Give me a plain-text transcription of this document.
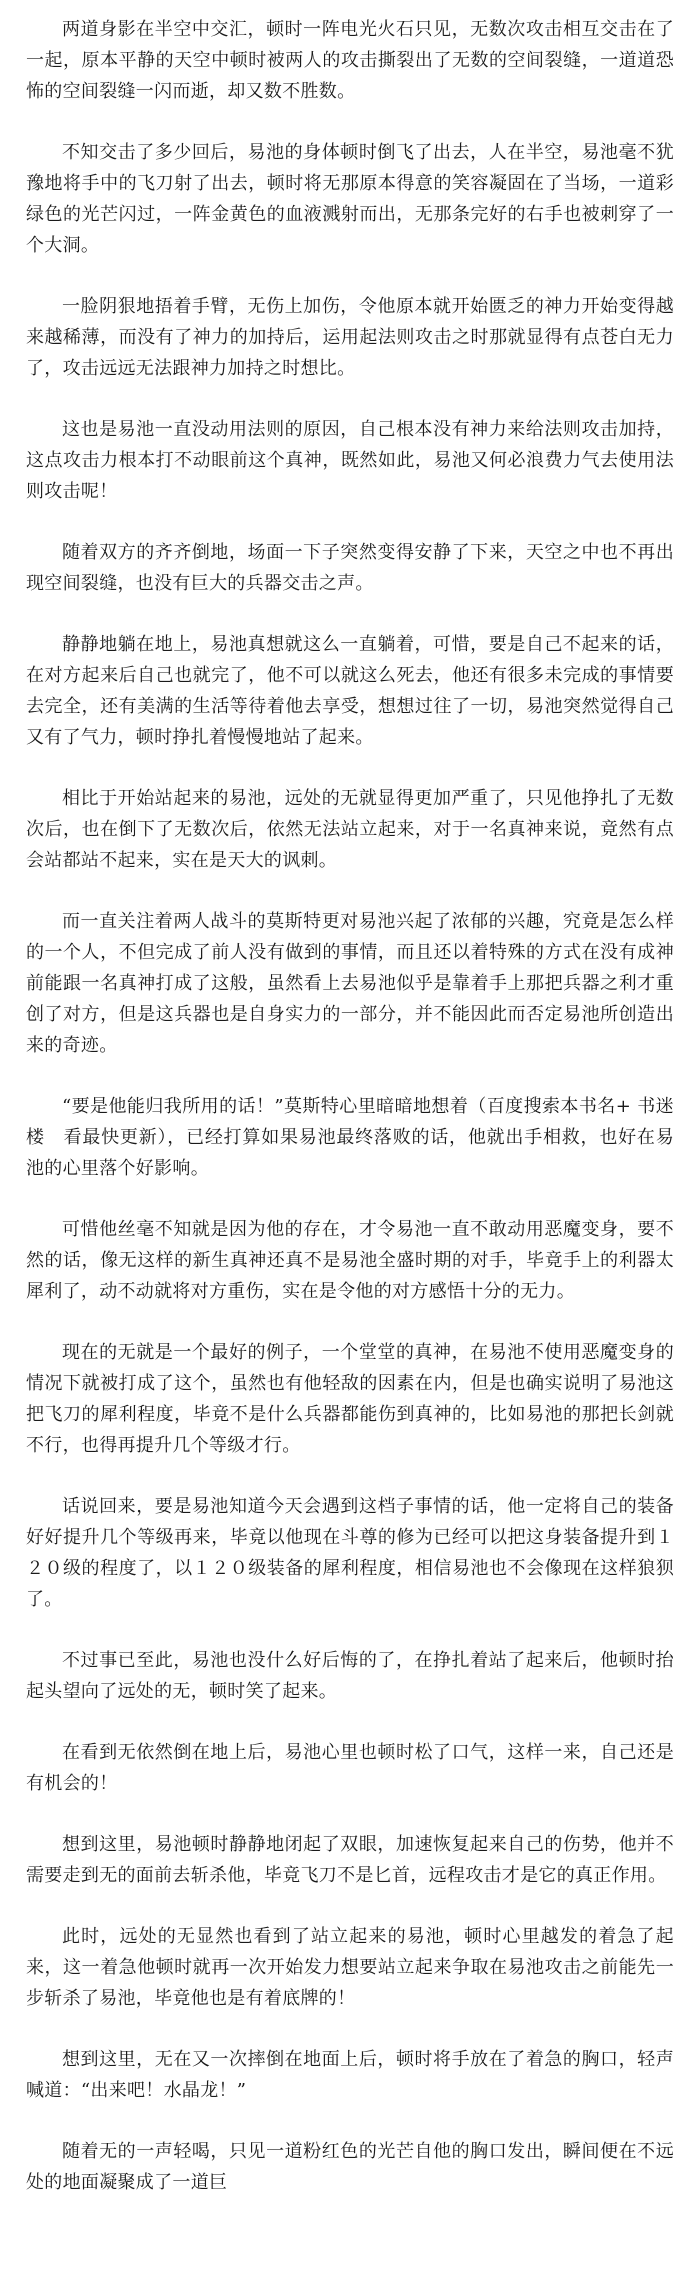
两道身影在半空中交汇，顿时一阵电光火石只见，无数次攻击相互交击在了一起，原本平静的天空中顿时被两人的攻击撕裂出了无数的空间裂缝，一道道恐怖的空间裂缝一闪而逝，却又数不胜数。

不知交击了多少回后，易池的身体顿时倒飞了出去，人在半空，易池毫不犹豫地将手中的飞刀射了出去，顿时将无那原本得意的笑容凝固在了当场，一道彩绿色的光芒闪过，一阵金黄色的血液溅射而出，无那条完好的右手也被刺穿了一个大洞。

一脸阴狠地捂着手臂，无伤上加伤，令他原本就开始匮乏的神力开始变得越来越稀薄，而没有了神力的加持后，运用起法则攻击之时那就显得有点苍白无力了，攻击远远无法跟神力加持之时想比。

这也是易池一直没动用法则的原因，自己根本没有神力来给法则攻击加持，这点攻击力根本打不动眼前这个真神，既然如此，易池又何必浪费力气去使用法则攻击呢！

随着双方的齐齐倒地，场面一下子突然变得安静了下来，天空之中也不再出现空间裂缝，也没有巨大的兵器交击之声。

静静地躺在地上，易池真想就这么一直躺着，可惜，要是自己不起来的话，在对方起来后自己也就完了，他不可以就这么死去，他还有很多未完成的事情要去完全，还有美满的生活等待着他去享受，想想过往了一切，易池突然觉得自己又有了气力，顿时挣扎着慢慢地站了起来。

相比于开始站起来的易池，远处的无就显得更加严重了，只见他挣扎了无数次后，也在倒下了无数次后，依然无法站立起来，对于一名真神来说，竟然有点会站都站不起来，实在是天大的讽刺。

而一直关注着两人战斗的莫斯特更对易池兴起了浓郁的兴趣，究竟是怎么样的一个人，不但完成了前人没有做到的事情，而且还以着特殊的方式在没有成神前能跟一名真神打成了这般，虽然看上去易池似乎是靠着手上那把兵器之利才重创了对方，但是这兵器也是自身实力的一部分，并不能因此而否定易池所创造出来的奇迹。

“要是他能归我所用的话！”莫斯特心里暗暗地想着（百度搜索本书名+ 书迷楼　看最快更新），已经打算如果易池最终落败的话，他就出手相救，也好在易池的心里落个好影响。

可惜他丝毫不知就是因为他的存在，才令易池一直不敢动用恶魔变身，要不然的话，像无这样的新生真神还真不是易池全盛时期的对手，毕竟手上的利器太犀利了，动不动就将对方重伤，实在是令他的对方感悟十分的无力。

现在的无就是一个最好的例子，一个堂堂的真神，在易池不使用恶魔变身的情况下就被打成了这个，虽然也有他轻敌的因素在内，但是也确实说明了易池这把飞刀的犀利程度，毕竟不是什么兵器都能伤到真神的，比如易池的那把长剑就不行，也得再提升几个等级才行。

话说回来，要是易池知道今天会遇到这档子事情的话，他一定将自己的装备好好提升几个等级再来，毕竟以他现在斗尊的修为已经可以把这身装备提升到１２０级的程度了，以１２０级装备的犀利程度，相信易池也不会像现在这样狼狈了。

不过事已至此，易池也没什么好后悔的了，在挣扎着站了起来后，他顿时抬起头望向了远处的无，顿时笑了起来。

在看到无依然倒在地上后，易池心里也顿时松了口气，这样一来，自己还是有机会的！

想到这里，易池顿时静静地闭起了双眼，加速恢复起来自己的伤势，他并不需要走到无的面前去斩杀他，毕竟飞刀不是匕首，远程攻击才是它的真正作用。

此时，远处的无显然也看到了站立起来的易池，顿时心里越发的着急了起来，这一着急他顿时就再一次开始发力想要站立起来争取在易池攻击之前能先一步斩杀了易池，毕竟他也是有着底牌的！

想到这里，无在又一次摔倒在地面上后，顿时将手放在了着急的胸口，轻声喊道：“出来吧！水晶龙！”

随着无的一声轻喝，只见一道粉红色的光芒自他的胸口发出，瞬间便在不远处的地面凝聚成了一道巨
